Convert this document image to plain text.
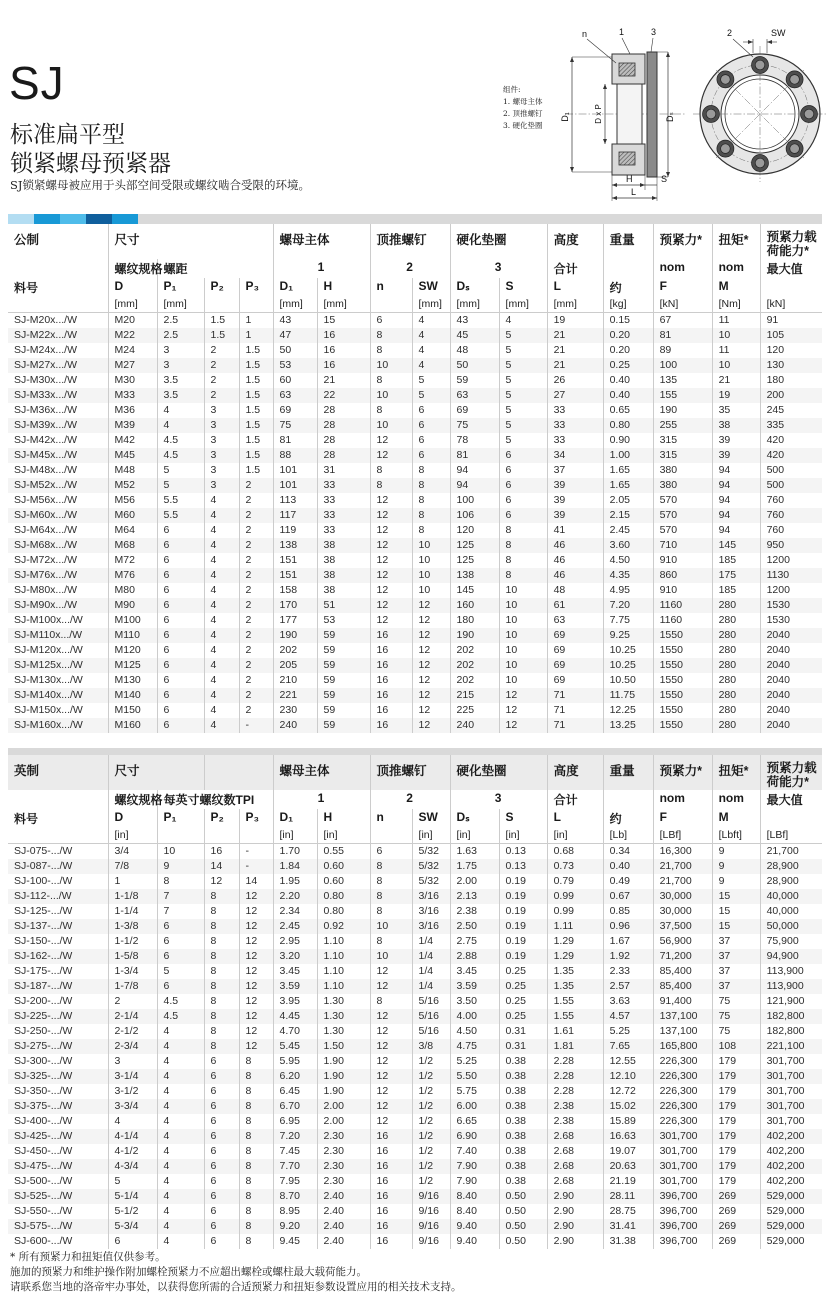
SJ
标准扁平型
锁紧螺母预紧器
SJ锁紧螺母被应用于头部空间受限或螺纹啮合受限的环境。
组件:
1. 螺母主体
2. 顶推螺钉
3. 硬化垫圈
n	1	3
D₁	D x P	Dₛ
H	S
L
2	SW
公制	尺寸				螺母主体		顶推螺钉		硬化垫圈		高度	重量	预紧力*	扭矩*	预紧力载荷能力*
	螺纹规格	螺距			1		2		3		合计		nom	nom	最大值
料号	D	P₁	P₂	P₃	D₁	H	n	SW	Dₛ	S	L	约	F	M	
	[mm]	[mm]			[mm]	[mm]		[mm]	[mm]	[mm]	[mm]	[kg]	[kN]	[Nm]	[kN]
SJ-M20x.../W	M20	2.5	1.5	1	43	15	6	4	43	4	19	0.15	67	11	91
SJ-M22x.../W	M22	2.5	1.5	1	47	16	8	4	45	5	21	0.20	81	10	105
SJ-M24x.../W	M24	3	2	1.5	50	16	8	4	48	5	21	0.20	89	11	120
SJ-M27x.../W	M27	3	2	1.5	53	16	10	4	50	5	21	0.25	100	10	130
SJ-M30x.../W	M30	3.5	2	1.5	60	21	8	5	59	5	26	0.40	135	21	180
SJ-M33x.../W	M33	3.5	2	1.5	63	22	10	5	63	5	27	0.40	155	19	200
SJ-M36x.../W	M36	4	3	1.5	69	28	8	6	69	5	33	0.65	190	35	245
SJ-M39x.../W	M39	4	3	1.5	75	28	10	6	75	5	33	0.80	255	38	335
SJ-M42x.../W	M42	4.5	3	1.5	81	28	12	6	78	5	33	0.90	315	39	420
SJ-M45x.../W	M45	4.5	3	1.5	88	28	12	6	81	6	34	1.00	315	39	420
SJ-M48x.../W	M48	5	3	1.5	101	31	8	8	94	6	37	1.65	380	94	500
SJ-M52x.../W	M52	5	3	2	101	33	8	8	94	6	39	1.65	380	94	500
SJ-M56x.../W	M56	5.5	4	2	113	33	12	8	100	6	39	2.05	570	94	760
SJ-M60x.../W	M60	5.5	4	2	117	33	12	8	106	6	39	2.15	570	94	760
SJ-M64x.../W	M64	6	4	2	119	33	12	8	120	8	41	2.45	570	94	760
SJ-M68x.../W	M68	6	4	2	138	38	12	10	125	8	46	3.60	710	145	950
SJ-M72x.../W	M72	6	4	2	151	38	12	10	125	8	46	4.50	910	185	1200
SJ-M76x.../W	M76	6	4	2	151	38	12	10	138	8	46	4.35	860	175	1130
SJ-M80x.../W	M80	6	4	2	158	38	12	10	145	10	48	4.95	910	185	1200
SJ-M90x.../W	M90	6	4	2	170	51	12	12	160	10	61	7.20	1160	280	1530
SJ-M100x.../W	M100	6	4	2	177	53	12	12	180	10	63	7.75	1160	280	1530
SJ-M110x.../W	M110	6	4	2	190	59	16	12	190	10	69	9.25	1550	280	2040
SJ-M120x.../W	M120	6	4	2	202	59	16	12	202	10	69	10.25	1550	280	2040
SJ-M125x.../W	M125	6	4	2	205	59	16	12	202	10	69	10.25	1550	280	2040
SJ-M130x.../W	M130	6	4	2	210	59	16	12	202	10	69	10.50	1550	280	2040
SJ-M140x.../W	M140	6	4	2	221	59	16	12	215	12	71	11.75	1550	280	2040
SJ-M150x.../W	M150	6	4	2	230	59	16	12	225	12	71	12.25	1550	280	2040
SJ-M160x.../W	M160	6	4	-	240	59	16	12	240	12	71	13.25	1550	280	2040
英制	尺寸				螺母主体		顶推螺钉		硬化垫圈		高度	重量	预紧力*	扭矩*	预紧力载荷能力*
	螺纹规格	每英寸螺纹数TPI			1		2		3		合计		nom	nom	最大值
料号	D	P₁	P₂	P₃	D₁	H	n	SW	Dₛ	S	L	约	F	M	
	[in]				[in]	[in]		[in]	[in]	[in]	[in]	[Lb]	[LBf]	[Lbft]	[LBf]
SJ-075-.../W	3/4	10	16	-	1.70	0.55	6	5/32	1.63	0.13	0.68	0.34	16,300	9	21,700
SJ-087-.../W	7/8	9	14	-	1.84	0.60	8	5/32	1.75	0.13	0.73	0.40	21,700	9	28,900
SJ-100-.../W	1	8	12	14	1.95	0.60	8	5/32	2.00	0.19	0.79	0.49	21,700	9	28,900
SJ-112-.../W	1-1/8	7	8	12	2.20	0.80	8	3/16	2.13	0.19	0.99	0.67	30,000	15	40,000
SJ-125-.../W	1-1/4	7	8	12	2.34	0.80	8	3/16	2.38	0.19	0.99	0.85	30,000	15	40,000
SJ-137-.../W	1-3/8	6	8	12	2.45	0.92	10	3/16	2.50	0.19	1.11	0.96	37,500	15	50,000
SJ-150-.../W	1-1/2	6	8	12	2.95	1.10	8	1/4	2.75	0.19	1.29	1.67	56,900	37	75,900
SJ-162-.../W	1-5/8	6	8	12	3.20	1.10	10	1/4	2.88	0.19	1.29	1.92	71,200	37	94,900
SJ-175-.../W	1-3/4	5	8	12	3.45	1.10	12	1/4	3.45	0.25	1.35	2.33	85,400	37	113,900
SJ-187-.../W	1-7/8	6	8	12	3.59	1.10	12	1/4	3.59	0.25	1.35	2.57	85,400	37	113,900
SJ-200-.../W	2	4.5	8	12	3.95	1.30	8	5/16	3.50	0.25	1.55	3.63	91,400	75	121,900
SJ-225-.../W	2-1/4	4.5	8	12	4.45	1.30	12	5/16	4.00	0.25	1.55	4.57	137,100	75	182,800
SJ-250-.../W	2-1/2	4	8	12	4.70	1.30	12	5/16	4.50	0.31	1.61	5.25	137,100	75	182,800
SJ-275-.../W	2-3/4	4	8	12	5.45	1.50	12	3/8	4.75	0.31	1.81	7.65	165,800	108	221,100
SJ-300-.../W	3	4	6	8	5.95	1.90	12	1/2	5.25	0.38	2.28	12.55	226,300	179	301,700
SJ-325-.../W	3-1/4	4	6	8	6.20	1.90	12	1/2	5.50	0.38	2.28	12.10	226,300	179	301,700
SJ-350-.../W	3-1/2	4	6	8	6.45	1.90	12	1/2	5.75	0.38	2.28	12.72	226,300	179	301,700
SJ-375-.../W	3-3/4	4	6	8	6.70	2.00	12	1/2	6.00	0.38	2.38	15.02	226,300	179	301,700
SJ-400-.../W	4	4	6	8	6.95	2.00	12	1/2	6.65	0.38	2.38	15.89	226,300	179	301,700
SJ-425-.../W	4-1/4	4	6	8	7.20	2.30	16	1/2	6.90	0.38	2.68	16.63	301,700	179	402,200
SJ-450-.../W	4-1/2	4	6	8	7.45	2.30	16	1/2	7.40	0.38	2.68	19.07	301,700	179	402,200
SJ-475-.../W	4-3/4	4	6	8	7.70	2.30	16	1/2	7.90	0.38	2.68	20.63	301,700	179	402,200
SJ-500-.../W	5	4	6	8	7.95	2.30	16	1/2	7.90	0.38	2.68	21.19	301,700	179	402,200
SJ-525-.../W	5-1/4	4	6	8	8.70	2.40	16	9/16	8.40	0.50	2.90	28.11	396,700	269	529,000
SJ-550-.../W	5-1/2	4	6	8	8.95	2.40	16	9/16	8.40	0.50	2.90	28.75	396,700	269	529,000
SJ-575-.../W	5-3/4	4	6	8	9.20	2.40	16	9/16	9.40	0.50	2.90	31.41	396,700	269	529,000
SJ-600-.../W	6	4	6	8	9.45	2.40	16	9/16	9.40	0.50	2.90	31.38	396,700	269	529,000
* 所有预紧力和扭矩值仅供参考。
施加的预紧力和维护操作附加螺栓预紧力不应超出螺栓或螺柱最大载荷能力。
请联系您当地的洛帝牢办事处，以获得您所需的合适预紧力和扭矩参数设置应用的相关技术支持。
